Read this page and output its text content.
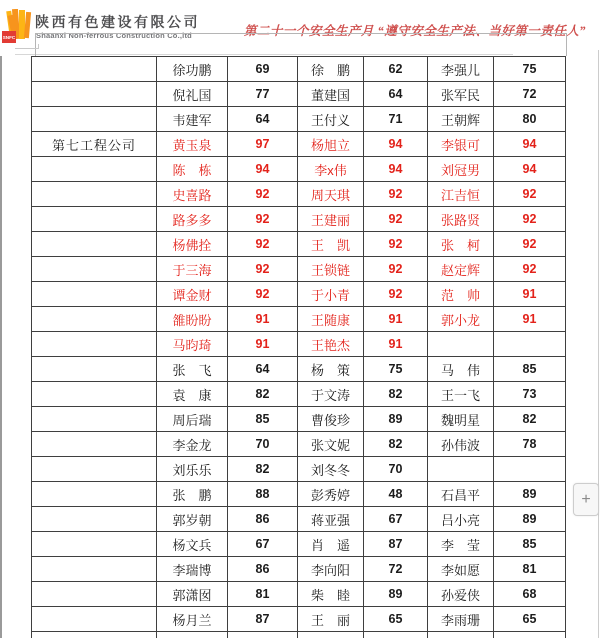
SNFC
陕西有色建设有限公司
Shaanxi Non-ferrous Construction Co.,ltd	第二十一个安全生产月 “遵守安全生产法、当好第一责任人”
	徐功鹏	69	徐　鹏	62	李强儿	75
	倪礼国	77	董建国	64	张军民	72
	韦建军	64	王付义	71	王朝辉	80
第七工程公司	黄玉泉	97	杨旭立	94	李银可	94
	陈　栋	94	李x伟	94	刘冠男	94
	史喜路	92	周天琪	92	江吉恒	92
	路多多	92	王建丽	92	张路贤	92
	杨佛拴	92	王　凯	92	张　柯	92
	于三海	92	王锁链	92	赵定辉	92
	谭金财	92	于小青	92	范　帅	91
	雒盼盼	91	王随康	91	郭小龙	91
	马昀琦	91	王艳杰	91		
	张　飞	64	杨　策	75	马　伟	85
	袁　康	82	于文涛	82	王一飞	73
	周后瑞	85	曹俊珍	89	魏明星	82
	李金龙	70	张文妮	82	孙伟波	78
	刘乐乐	82	刘冬冬	70		
	张　鹏	88	彭秀婷	48	石昌平	89
	郭岁朝	86	蒋亚强	67	吕小亮	89
	杨文兵	67	肖　遥	87	李　莹	85
	李瑞博	86	李向阳	72	李如愿	81
	郭潇囡	81	柴　睦	89	孙爱侠	68
	杨月兰	87	王　丽	65	李雨珊	65

+
